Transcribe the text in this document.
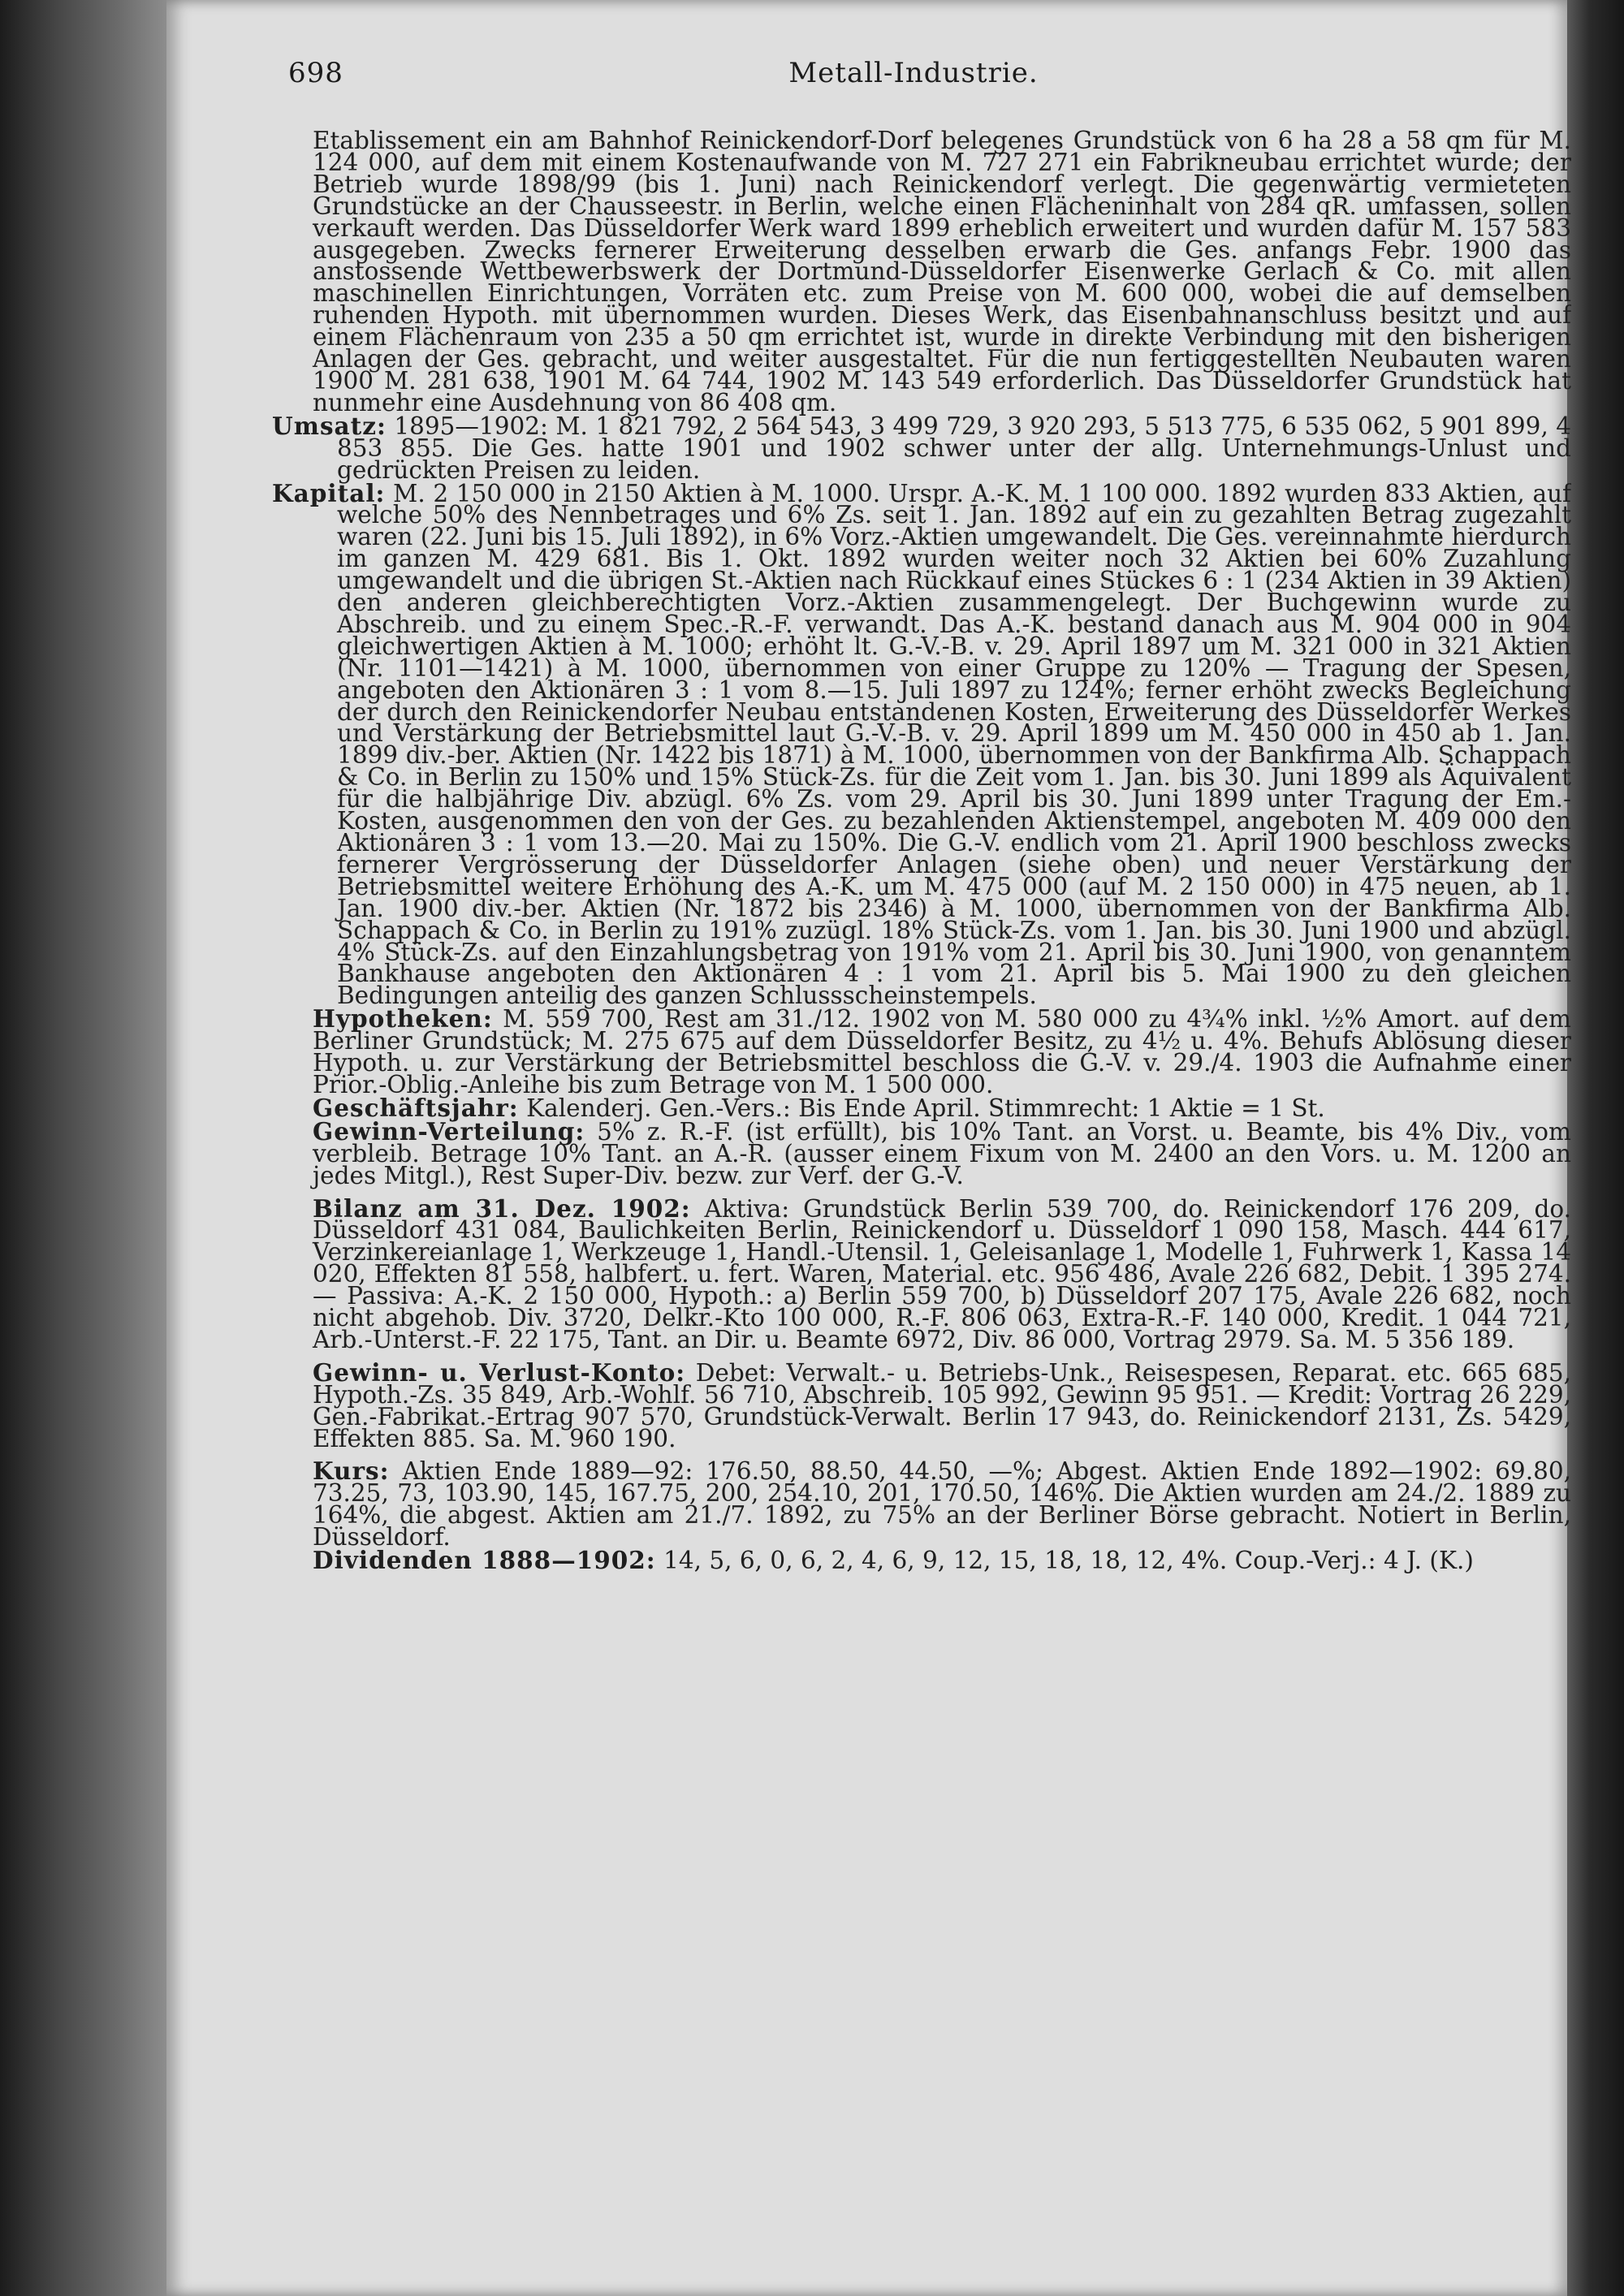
698	Metall-Industrie.

Etablissement ein am Bahnhof Reinickendorf-Dorf belegenes Grundstück von 6 ha 28 a 58 qm für M. 124 000, auf dem mit einem Kostenaufwande von M. 727 271 ein Fabrikneubau errichtet wurde; der Betrieb wurde 1898/99 (bis 1. Juni) nach Reinickendorf verlegt. Die gegenwärtig vermieteten Grundstücke an der Chausseestr. in Berlin, welche einen Flächeninhalt von 284 qR. umfassen, sollen verkauft werden. Das Düsseldorfer Werk ward 1899 erheblich erweitert und wurden dafür M. 157 583 ausgegeben. Zwecks fernerer Erweiterung desselben erwarb die Ges. anfangs Febr. 1900 das anstossende Wettbewerbswerk der Dortmund-Düsseldorfer Eisenwerke Gerlach & Co. mit allen maschinellen Einrichtungen, Vorräten etc. zum Preise von M. 600 000, wobei die auf demselben ruhenden Hypoth. mit übernommen wurden. Dieses Werk, das Eisenbahnanschluss besitzt und auf einem Flächenraum von 235 a 50 qm errichtet ist, wurde in direkte Verbindung mit den bisherigen Anlagen der Ges. gebracht, und weiter ausgestaltet. Für die nun fertiggestellten Neubauten waren 1900 M. 281 638, 1901 M. 64 744, 1902 M. 143 549 erforderlich. Das Düsseldorfer Grundstück hat nunmehr eine Ausdehnung von 86 408 qm.

Umsatz: 1895—1902: M. 1 821 792, 2 564 543, 3 499 729, 3 920 293, 5 513 775, 6 535 062, 5 901 899, 4 853 855. Die Ges. hatte 1901 und 1902 schwer unter der allg. Unternehmungs-Unlust und gedrückten Preisen zu leiden.

Kapital: M. 2 150 000 in 2150 Aktien à M. 1000. Urspr. A.-K. M. 1 100 000. 1892 wurden 833 Aktien, auf welche 50% des Nennbetrages und 6% Zs. seit 1. Jan. 1892 auf ein zu gezahlten Betrag zugezahlt waren (22. Juni bis 15. Juli 1892), in 6% Vorz.-Aktien umgewandelt. Die Ges. vereinnahmte hierdurch im ganzen M. 429 681. Bis 1. Okt. 1892 wurden weiter noch 32 Aktien bei 60% Zuzahlung umgewandelt und die übrigen St.-Aktien nach Rückkauf eines Stückes 6 : 1 (234 Aktien in 39 Aktien) den anderen gleichberechtigten Vorz.-Aktien zusammengelegt. Der Buchgewinn wurde zu Abschreib. und zu einem Spec.-R.-F. verwandt. Das A.-K. bestand danach aus M. 904 000 in 904 gleichwertigen Aktien à M. 1000; erhöht lt. G.-V.-B. v. 29. April 1897 um M. 321 000 in 321 Aktien (Nr. 1101—1421) à M. 1000, übernommen von einer Gruppe zu 120% — Tragung der Spesen, angeboten den Aktionären 3 : 1 vom 8.—15. Juli 1897 zu 124%; ferner erhöht zwecks Begleichung der durch den Reinickendorfer Neubau entstandenen Kosten, Erweiterung des Düsseldorfer Werkes und Verstärkung der Betriebsmittel laut G.-V.-B. v. 29. April 1899 um M. 450 000 in 450 ab 1. Jan. 1899 div.-ber. Aktien (Nr. 1422 bis 1871) à M. 1000, übernommen von der Bankfirma Alb. Schappach & Co. in Berlin zu 150% und 15% Stück-Zs. für die Zeit vom 1. Jan. bis 30. Juni 1899 als Äquivalent für die halbjährige Div. abzügl. 6% Zs. vom 29. April bis 30. Juni 1899 unter Tragung der Em.-Kosten, ausgenommen den von der Ges. zu bezahlenden Aktienstempel, angeboten M. 409 000 den Aktionären 3 : 1 vom 13.—20. Mai zu 150%. Die G.-V. endlich vom 21. April 1900 beschloss zwecks fernerer Vergrösserung der Düsseldorfer Anlagen (siehe oben) und neuer Verstärkung der Betriebsmittel weitere Erhöhung des A.-K. um M. 475 000 (auf M. 2 150 000) in 475 neuen, ab 1. Jan. 1900 div.-ber. Aktien (Nr. 1872 bis 2346) à M. 1000, übernommen von der Bankfirma Alb. Schappach & Co. in Berlin zu 191% zuzügl. 18% Stück-Zs. vom 1. Jan. bis 30. Juni 1900 und abzügl. 4% Stück-Zs. auf den Einzahlungsbetrag von 191% vom 21. April bis 30. Juni 1900, von genanntem Bankhause angeboten den Aktionären 4 : 1 vom 21. April bis 5. Mai 1900 zu den gleichen Bedingungen anteilig des ganzen Schlussscheinstempels.

Hypotheken: M. 559 700, Rest am 31./12. 1902 von M. 580 000 zu 4¾% inkl. ½% Amort. auf dem Berliner Grundstück; M. 275 675 auf dem Düsseldorfer Besitz, zu 4½ u. 4%. Behufs Ablösung dieser Hypoth. u. zur Verstärkung der Betriebsmittel beschloss die G.-V. v. 29./4. 1903 die Aufnahme einer Prior.-Oblig.-Anleihe bis zum Betrage von M. 1 500 000.

Geschäftsjahr: Kalenderj. Gen.-Vers.: Bis Ende April. Stimmrecht: 1 Aktie = 1 St.

Gewinn-Verteilung: 5% z. R.-F. (ist erfüllt), bis 10% Tant. an Vorst. u. Beamte, bis 4% Div., vom verbleib. Betrage 10% Tant. an A.-R. (ausser einem Fixum von M. 2400 an den Vors. u. M. 1200 an jedes Mitgl.), Rest Super-Div. bezw. zur Verf. der G.-V.

Bilanz am 31. Dez. 1902: Aktiva: Grundstück Berlin 539 700, do. Reinickendorf 176 209, do. Düsseldorf 431 084, Baulichkeiten Berlin, Reinickendorf u. Düsseldorf 1 090 158, Masch. 444 617, Verzinkereianlage 1, Werkzeuge 1, Handl.-Utensil. 1, Geleisanlage 1, Modelle 1, Fuhrwerk 1, Kassa 14 020, Effekten 81 558, halbfert. u. fert. Waren, Material. etc. 956 486, Avale 226 682, Debit. 1 395 274. — Passiva: A.-K. 2 150 000, Hypoth.: a) Berlin 559 700, b) Düsseldorf 207 175, Avale 226 682, noch nicht abgehob. Div. 3720, Delkr.-Kto 100 000, R.-F. 806 063, Extra-R.-F. 140 000, Kredit. 1 044 721, Arb.-Unterst.-F. 22 175, Tant. an Dir. u. Beamte 6972, Div. 86 000, Vortrag 2979. Sa. M. 5 356 189.

Gewinn- u. Verlust-Konto: Debet: Verwalt.- u. Betriebs-Unk., Reisespesen, Reparat. etc. 665 685, Hypoth.-Zs. 35 849, Arb.-Wohlf. 56 710, Abschreib. 105 992, Gewinn 95 951. — Kredit: Vortrag 26 229, Gen.-Fabrikat.-Ertrag 907 570, Grundstück-Verwalt. Berlin 17 943, do. Reinickendorf 2131, Zs. 5429, Effekten 885. Sa. M. 960 190.

Kurs: Aktien Ende 1889—92: 176.50, 88.50, 44.50, —%; Abgest. Aktien Ende 1892—1902: 69.80, 73.25, 73, 103.90, 145, 167.75, 200, 254.10, 201, 170.50, 146%. Die Aktien wurden am 24./2. 1889 zu 164%, die abgest. Aktien am 21./7. 1892, zu 75% an der Berliner Börse gebracht. Notiert in Berlin, Düsseldorf.

Dividenden 1888—1902: 14, 5, 6, 0, 6, 2, 4, 6, 9, 12, 15, 18, 18, 12, 4%. Coup.-Verj.: 4 J. (K.)
